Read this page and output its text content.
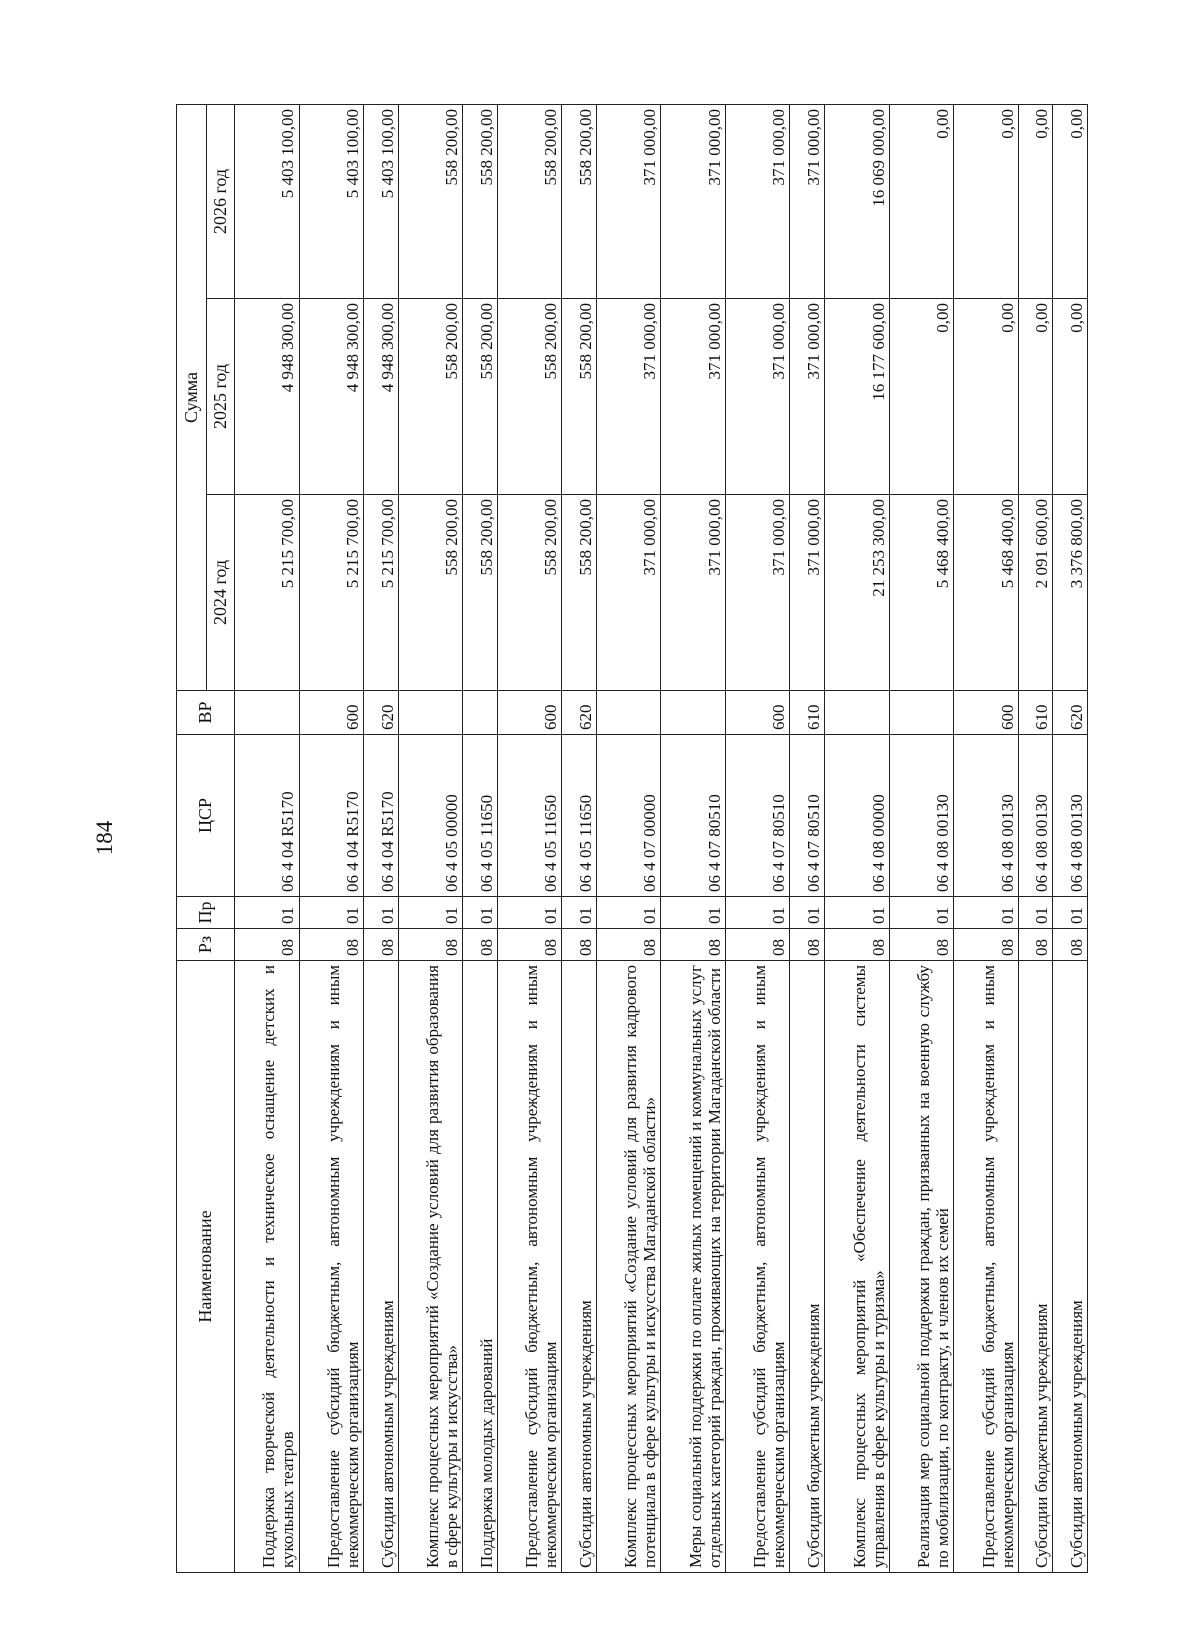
184
Наименование	Рз	Пр	ЦСР	ВР	Сумма		
					2024 год	2025 год	2026 год
Поддержка творческой деятельности и техническое оснащение детских и кукольных театров	08	01	06 4 04 R5170		5 215 700,00	4 948 300,00	5 403 100,00
Предоставление субсидий бюджетным, автономным учреждениям и иным некоммерческим организациям	08	01	06 4 04 R5170	600	5 215 700,00	4 948 300,00	5 403 100,00
Субсидии автономным учреждениям	08	01	06 4 04 R5170	620	5 215 700,00	4 948 300,00	5 403 100,00
Комплекс процессных мероприятий «Создание условий для развития образования в сфере культуры и искусства»	08	01	06 4 05 00000		558 200,00	558 200,00	558 200,00
Поддержка молодых дарований	08	01	06 4 05 11650		558 200,00	558 200,00	558 200,00
Предоставление субсидий бюджетным, автономным учреждениям и иным некоммерческим организациям	08	01	06 4 05 11650	600	558 200,00	558 200,00	558 200,00
Субсидии автономным учреждениям	08	01	06 4 05 11650	620	558 200,00	558 200,00	558 200,00
Комплекс процессных мероприятий «Создание условий для развития кадрового потенциала в сфере культуры и искусства Магаданской области»	08	01	06 4 07 00000		371 000,00	371 000,00	371 000,00
Меры социальной поддержки по оплате жилых помещений и коммунальных услуг отдельных категорий граждан, проживающих на территории Магаданской области	08	01	06 4 07 80510		371 000,00	371 000,00	371 000,00
Предоставление субсидий бюджетным, автономным учреждениям и иным некоммерческим организациям	08	01	06 4 07 80510	600	371 000,00	371 000,00	371 000,00
Субсидии бюджетным учреждениям	08	01	06 4 07 80510	610	371 000,00	371 000,00	371 000,00
Комплекс процессных мероприятий «Обеспечение деятельности системы управления в сфере культуры и туризма»	08	01	06 4 08 00000		21 253 300,00	16 177 600,00	16 069 000,00
Реализация мер социальной поддержки граждан, призванных на военную службу по мобилизации, по контракту, и членов их семей	08	01	06 4 08 00130		5 468 400,00	0,00	0,00
Предоставление субсидий бюджетным, автономным учреждениям и иным некоммерческим организациям	08	01	06 4 08 00130	600	5 468 400,00	0,00	0,00
Субсидии бюджетным учреждениям	08	01	06 4 08 00130	610	2 091 600,00	0,00	0,00
Субсидии автономным учреждениям	08	01	06 4 08 00130	620	3 376 800,00	0,00	0,00
